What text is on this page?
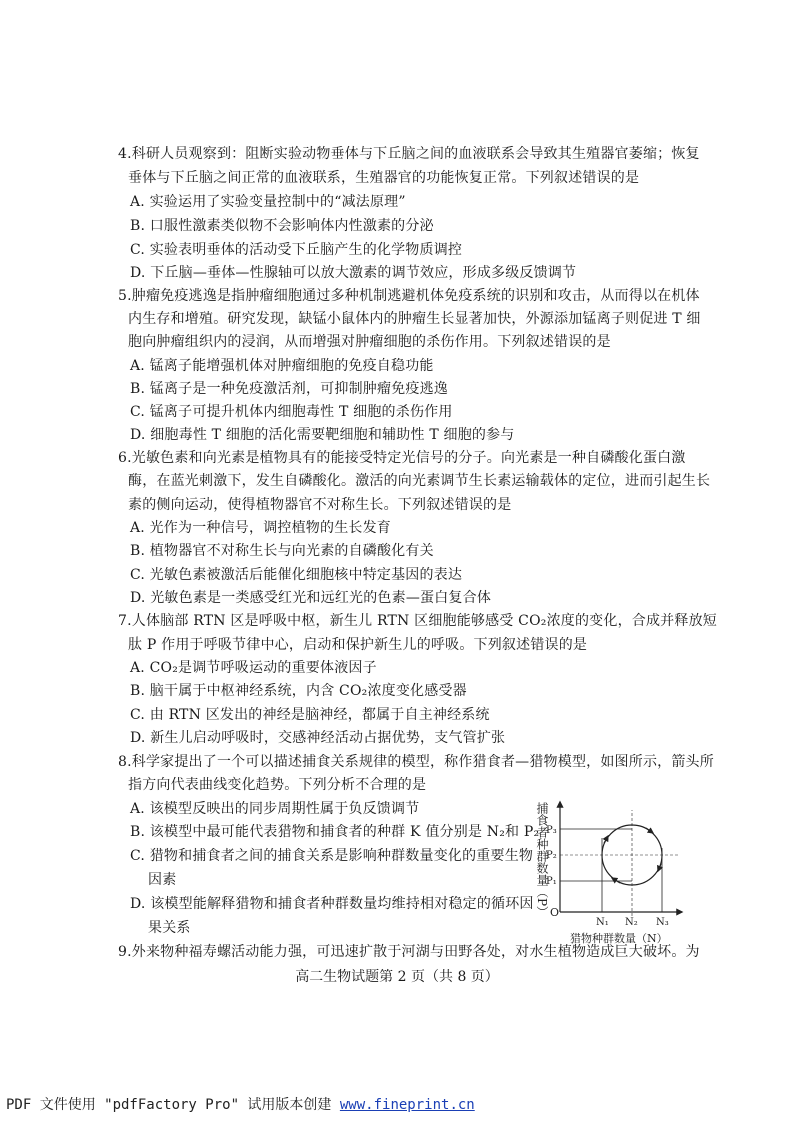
4.科研人员观察到：阻断实验动物垂体与下丘脑之间的血液联系会导致其生殖器官萎缩；恢复
垂体与下丘脑之间正常的血液联系，生殖器官的功能恢复正常。下列叙述错误的是
A. 实验运用了实验变量控制中的“减法原理”
B. 口服性激素类似物不会影响体内性激素的分泌
C. 实验表明垂体的活动受下丘脑产生的化学物质调控
D. 下丘脑—垂体—性腺轴可以放大激素的调节效应，形成多级反馈调节
5.肿瘤免疫逃逸是指肿瘤细胞通过多种机制逃避机体免疫系统的识别和攻击，从而得以在机体
内生存和增殖。研究发现，缺锰小鼠体内的肿瘤生长显著加快，外源添加锰离子则促进 T 细
胞向肿瘤组织内的浸润，从而增强对肿瘤细胞的杀伤作用。下列叙述错误的是
A. 锰离子能增强机体对肿瘤细胞的免疫自稳功能
B. 锰离子是一种免疫激活剂，可抑制肿瘤免疫逃逸
C. 锰离子可提升机体内细胞毒性 T 细胞的杀伤作用
D. 细胞毒性 T 细胞的活化需要靶细胞和辅助性 T 细胞的参与
6.光敏色素和向光素是植物具有的能接受特定光信号的分子。向光素是一种自磷酸化蛋白激
酶，在蓝光刺激下，发生自磷酸化。激活的向光素调节生长素运输载体的定位，进而引起生长
素的侧向运动，使得植物器官不对称生长。下列叙述错误的是
A. 光作为一种信号，调控植物的生长发育
B. 植物器官不对称生长与向光素的自磷酸化有关
C. 光敏色素被激活后能催化细胞核中特定基因的表达
D. 光敏色素是一类感受红光和远红光的色素—蛋白复合体
7.人体脑部 RTN 区是呼吸中枢，新生儿 RTN 区细胞能够感受 CO₂浓度的变化，合成并释放短
肽 P 作用于呼吸节律中心，启动和保护新生儿的呼吸。下列叙述错误的是
A. CO₂是调节呼吸运动的重要体液因子
B. 脑干属于中枢神经系统，内含 CO₂浓度变化感受器
C. 由 RTN 区发出的神经是脑神经，都属于自主神经系统
D. 新生儿启动呼吸时，交感神经活动占据优势，支气管扩张
8.科学家提出了一个可以描述捕食关系规律的模型，称作猎食者—猎物模型，如图所示，箭头所
指方向代表曲线变化趋势。下列分析不合理的是
A. 该模型反映出的同步周期性属于负反馈调节
B. 该模型中最可能代表猎物和捕食者的种群 K 值分别是 N₂和 P₂
C. 猎物和捕食者之间的捕食关系是影响种群数量变化的重要生物
因素
D. 该模型能解释猎物和捕食者种群数量均维持相对稳定的循环因
果关系
9.外来物种福寿螺活动能力强，可迅速扩散于河湖与田野各处，对水生植物造成巨大破坏。为
捕食者种群数量（P） O
P₃
P₂
P₁
N₁ N₂ N₃
猎物种群数量（N）
高二生物试题第 2 页（共 8 页）
PDF 文件使用 "pdfFactory Pro" 试用版本创建 www.fineprint.cn
